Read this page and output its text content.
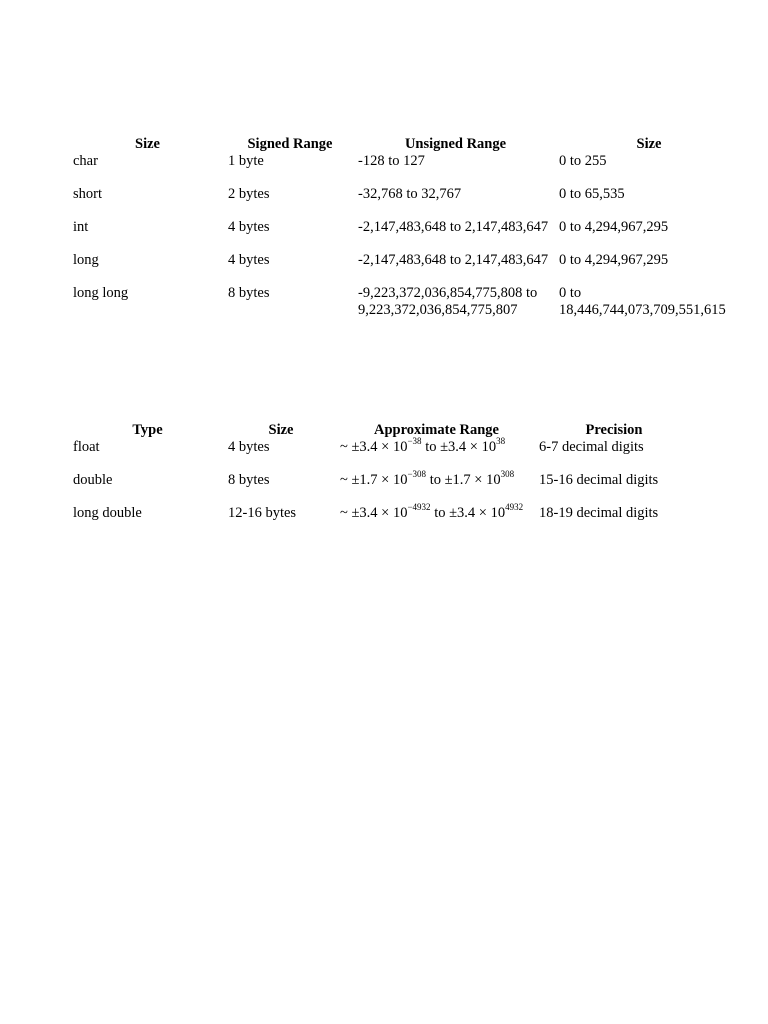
Size	Signed Range	Unsigned Range	Size
char	1 byte	-128 to 127	0 to 255
short	2 bytes	-32,768 to 32,767	0 to 65,535
int	4 bytes	-2,147,483,648 to 2,147,483,647	0 to 4,294,967,295
long	4 bytes	-2,147,483,648 to 2,147,483,647	0 to 4,294,967,295
long long	8 bytes	-9,223,372,036,854,775,808 to 9,223,372,036,854,775,807	0 to 18,446,744,073,709,551,615
Type	Size	Approximate Range	Precision
float	4 bytes	~ $\pm 3.4 \times 10^{-38}$ to $\pm 3.4 \times 10^{38}$	6-7 decimal digits
double	8 bytes	~ $\pm 1.7 \times 10^{-308}$ to $\pm 1.7 \times 10^{308}$	15-16 decimal digits
long double	12-16 bytes	~ $\pm 3.4 \times 10^{-4932}$ to $\pm 3.4 \times 10^{4932}$	18-19 decimal digits
